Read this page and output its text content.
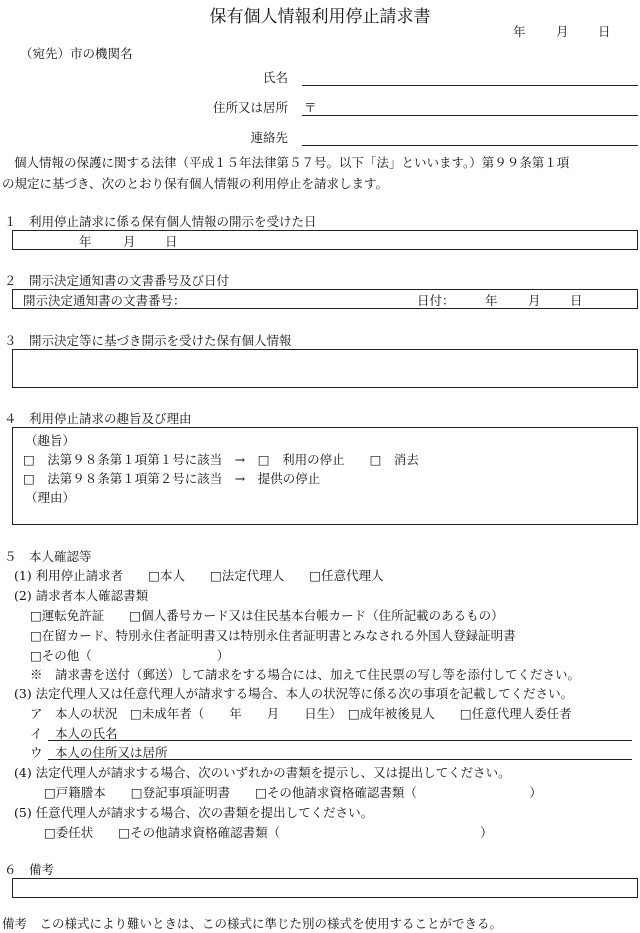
保有個人情報利用停止請求書
年 月 日
（宛先）市の機関名
氏名
住所又は居所 〒
連絡先
個人情報の保護に関する法律（平成１５年法律第５７号。以下「法」といいます。）第９９条第１項
の規定に基づき、次のとおり保有個人情報の利用停止を請求します。
１　利用停止請求に係る保有個人情報の開示を受けた日
年	月 日
２　開示決定通知書の文書番号及び日付
開示決定通知書の文書番号：	日付： 年 月 日
３　開示決定等に基づき開示を受けた保有個人情報
４　利用停止請求の趣旨及び理由
（趣旨）
□　法第９８条第１項第１号に該当　→　□　利用の停止　　□　消去
□　法第９８条第１項第２号に該当　→　提供の停止
（理由）
５　本人確認等
(1) 利用停止請求者　　□本人　　□法定代理人　　□任意代理人
(2) 請求者本人確認書類
□運転免許証　　□個人番号カード又は住民基本台帳カード（住所記載のあるもの）
□在留カード、特別永住者証明書又は特別永住者証明書とみなされる外国人登録証明書
□その他（　　　　　　　　　　）
※　請求書を送付（郵送）して請求をする場合には、加えて住民票の写し等を添付してください。
(3) 法定代理人又は任意代理人が請求する場合、本人の状況等に係る次の事項を記載してください。
ア　本人の状況　□未成年者（　　年　　月　　日生）　□成年被後見人　　□任意代理人委任者
イ　本人の氏名
ウ　本人の住所又は居所
(4) 法定代理人が請求する場合、次のいずれかの書類を提示し、又は提出してください。
□戸籍謄本　　□登記事項証明書　　□その他請求資格確認書類（　　　　　　　　　）
(5) 任意代理人が請求する場合、次の書類を提出してください。
□委任状　　□その他請求資格確認書類（　　　　　　　　　　　　　　　　）
６　備考
備考　この様式により難いときは、この様式に準じた別の様式を使用することができる。
